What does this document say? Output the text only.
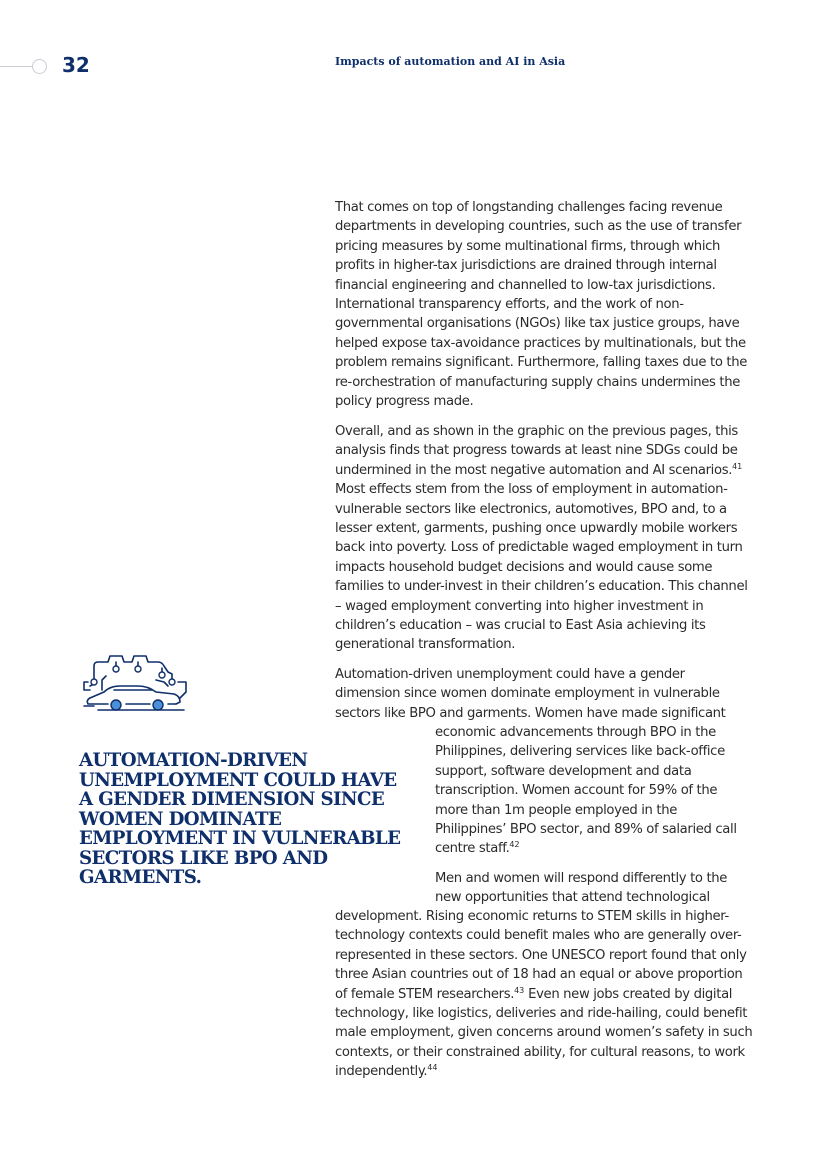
32	Impacts of automation and AI in Asia

That comes on top of longstanding challenges facing revenue departments in developing countries, such as the use of transfer pricing measures by some multinational firms, through which profits in higher-tax jurisdictions are drained through internal financial engineering and channelled to low-tax jurisdictions. International transparency efforts, and the work of non-governmental organisations (NGOs) like tax justice groups, have helped expose tax-avoidance practices by multinationals, but the problem remains significant. Furthermore, falling taxes due to the re-orchestration of manufacturing supply chains undermines the policy progress made.

Overall, and as shown in the graphic on the previous pages, this analysis finds that progress towards at least nine SDGs could be undermined in the most negative automation and AI scenarios.$^{41}$ Most effects stem from the loss of employment in automation-vulnerable sectors like electronics, automotives, BPO and, to a lesser extent, garments, pushing once upwardly mobile workers back into poverty. Loss of predictable waged employment in turn impacts household budget decisions and would cause some families to under-invest in their children’s education. This channel – waged employment converting into higher investment in children’s education – was crucial to East Asia achieving its generational transformation.

Automation-driven unemployment could have a gender dimension since women dominate employment in vulnerable sectors like BPO and garments. Women have made significant

economic advancements through BPO in the Philippines, delivering services like back-office support, software development and data transcription. Women account for 59% of the more than 1m people employed in the Philippines’ BPO sector, and 89% of salaried call centre staff.$^{42}$

Men and women will respond differently to the new opportunities that attend technological

development. Rising economic returns to STEM skills in higher-technology contexts could benefit males who are generally over-represented in these sectors. One UNESCO report found that only three Asian countries out of 18 had an equal or above proportion of female STEM researchers.$^{43}$ Even new jobs created by digital technology, like logistics, deliveries and ride-hailing, could benefit male employment, given concerns around women’s safety in such contexts, or their constrained ability, for cultural reasons, to work independently.$^{44}$

AUTOMATION-DRIVEN UNEMPLOYMENT COULD HAVE A GENDER DIMENSION SINCE WOMEN DOMINATE EMPLOYMENT IN VULNERABLE SECTORS LIKE BPO AND GARMENTS.
